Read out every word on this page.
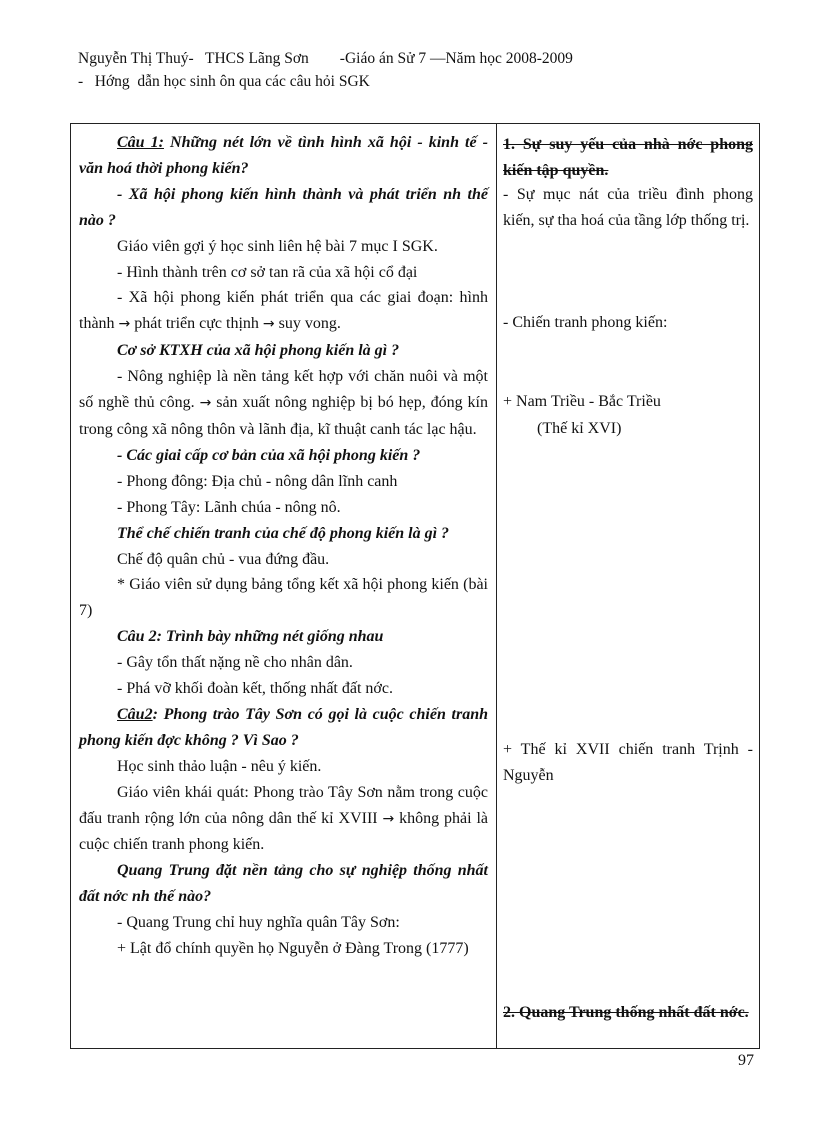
Nguyễn Thị Thuý-   THCS Lãng Sơn        -Giáo án Sử 7 —Năm học 2008-2009
-   Hớng  dẫn học sinh ôn qua các câu hỏi SGK

Câu 1: Những nét lớn về tình hình xã hội - kinh tế - văn hoá thời phong kiến?

- Xã hội phong kiến hình thành và phát triển nh thế nào ?

Giáo viên gợi ý học sinh liên hệ bài 7 mục I SGK.

- Hình thành trên cơ sở tan rã của xã hội cổ đại

- Xã hội phong kiến phát triển qua các giai đoạn: hình thành → phát triển cực thịnh → suy vong.

Cơ sở KTXH của xã hội phong kiến là gì ?

- Nông nghiệp là nền tảng kết hợp với chăn nuôi và một số nghề thủ công. → sản xuất nông nghiệp bị bó hẹp, đóng kín trong công xã nông thôn và lãnh địa, kĩ thuật canh tác lạc hậu.

- Các giai cấp cơ bản của xã hội phong kiến ?

- Phong đông: Địa chủ - nông dân lĩnh canh

- Phong Tây: Lãnh chúa - nông nô.

Thể chế chiến tranh của chế độ phong kiến là gì ?

Chế độ quân chủ - vua đứng đầu.

* Giáo viên sử dụng bảng tổng kết xã hội phong kiến (bài 7)

Câu 2: Trình bày những nét giống nhau

- Gây tổn thất nặng nề cho nhân dân.

- Phá vỡ khối đoàn kết, thống nhất đất nớc.

Câu2: Phong trào Tây Sơn có gọi là cuộc chiến tranh phong kiến đợc không ? Vì Sao ?

Học sinh thảo luận - nêu ý kiến.

Giáo viên khái quát: Phong trào Tây Sơn nằm trong cuộc đấu tranh rộng lớn của nông dân thế kỉ XVIII → không phải là cuộc chiến tranh phong kiến.

Quang Trung đặt nền tảng cho sự nghiệp thống nhất đất nớc nh thế nào?

- Quang Trung chỉ huy nghĩa quân Tây Sơn:

+ Lật đổ chính quyền họ Nguyễn ở Đàng Trong (1777)

1. Sự suy yếu của nhà nớc phong kiến tập quyền.
- Sự mục nát của triều đình phong kiến, sự tha hoá của tầng lớp thống trị.
- Chiến tranh phong kiến:
+ Nam Triều - Bắc Triều
(Thế kỉ XVI)
+ Thế kỉ XVII chiến tranh Trịnh - Nguyễn
2. Quang Trung thống nhất đất nớc.
97
